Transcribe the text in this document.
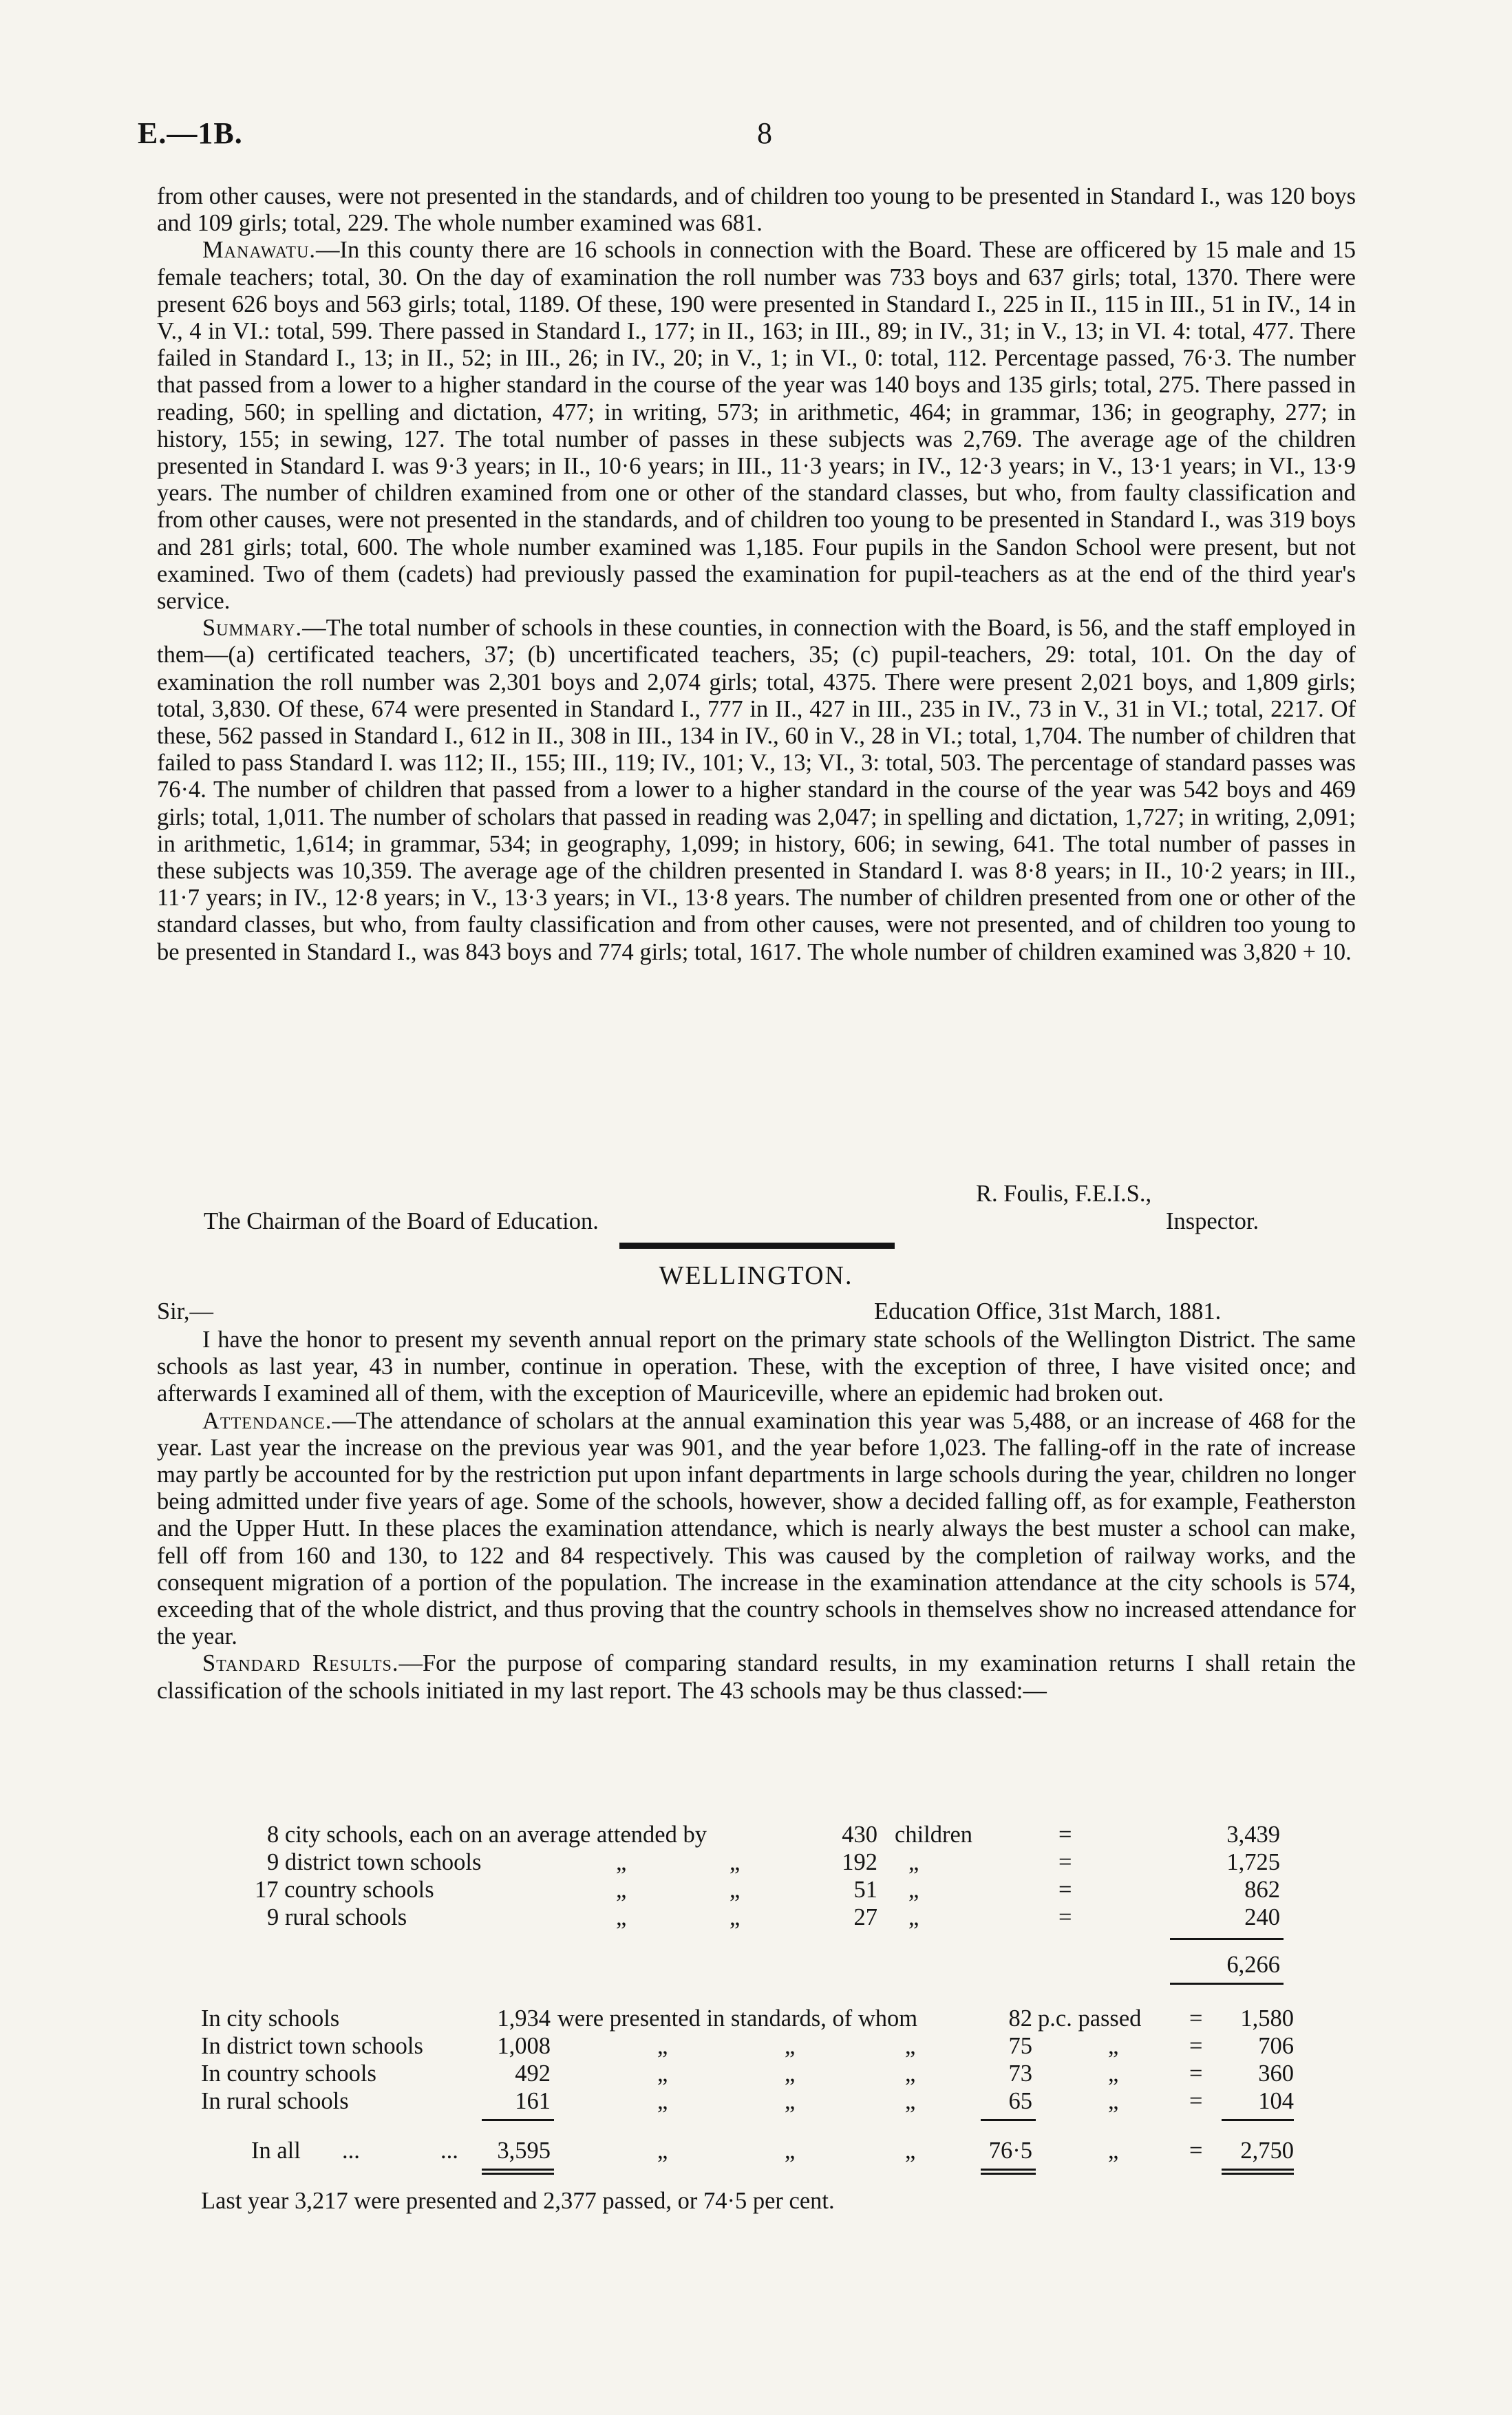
E.—1B.	8

from other causes, were not presented in the standards, and of children too young to be presented in Standard I., was 120 boys and 109 girls; total, 229. The whole number examined was 681.

Manawatu.—In this county there are 16 schools in connection with the Board. These are officered by 15 male and 15 female teachers; total, 30. On the day of examination the roll number was 733 boys and 637 girls; total, 1370. There were present 626 boys and 563 girls; total, 1189. Of these, 190 were presented in Standard I., 225 in II., 115 in III., 51 in IV., 14 in V., 4 in VI.: total, 599. There passed in Standard I., 177; in II., 163; in III., 89; in IV., 31; in V., 13; in VI. 4: total, 477. There failed in Standard I., 13; in II., 52; in III., 26; in IV., 20; in V., 1; in VI., 0: total, 112. Percentage passed, 76·3. The number that passed from a lower to a higher standard in the course of the year was 140 boys and 135 girls; total, 275. There passed in reading, 560; in spelling and dictation, 477; in writing, 573; in arithmetic, 464; in grammar, 136; in geography, 277; in history, 155; in sewing, 127. The total number of passes in these subjects was 2,769. The average age of the children presented in Standard I. was 9·3 years; in II., 10·6 years; in III., 11·3 years; in IV., 12·3 years; in V., 13·1 years; in VI., 13·9 years. The number of children examined from one or other of the standard classes, but who, from faulty classification and from other causes, were not presented in the standards, and of children too young to be presented in Standard I., was 319 boys and 281 girls; total, 600. The whole number examined was 1,185. Four pupils in the Sandon School were present, but not examined. Two of them (cadets) had previously passed the examination for pupil-teachers as at the end of the third year's service.

Summary.—The total number of schools in these counties, in connection with the Board, is 56, and the staff employed in them—(a) certificated teachers, 37; (b) uncertificated teachers, 35; (c) pupil-teachers, 29: total, 101. On the day of examination the roll number was 2,301 boys and 2,074 girls; total, 4375. There were present 2,021 boys, and 1,809 girls; total, 3,830. Of these, 674 were presented in Standard I., 777 in II., 427 in III., 235 in IV., 73 in V., 31 in VI.; total, 2217. Of these, 562 passed in Standard I., 612 in II., 308 in III., 134 in IV., 60 in V., 28 in VI.; total, 1,704. The number of children that failed to pass Standard I. was 112; II., 155; III., 119; IV., 101; V., 13; VI., 3: total, 503. The percentage of standard passes was 76·4. The number of children that passed from a lower to a higher standard in the course of the year was 542 boys and 469 girls; total, 1,011. The number of scholars that passed in reading was 2,047; in spelling and dictation, 1,727; in writing, 2,091; in arithmetic, 1,614; in grammar, 534; in geography, 1,099; in history, 606; in sewing, 641. The total number of passes in these subjects was 10,359. The average age of the children presented in Standard I. was 8·8 years; in II., 10·2 years; in III., 11·7 years; in IV., 12·8 years; in V., 13·3 years; in VI., 13·8 years. The number of children presented from one or other of the standard classes, but who, from faulty classification and from other causes, were not presented, and of children too young to be presented in Standard I., was 843 boys and 774 girls; total, 1617. The whole number of children examined was 3,820 + 10.

R. Foulis, F.E.I.S.,
The Chairman of the Board of Education.	Inspector.
WELLINGTON.
Sir,—	Education Office, 31st March, 1881.

I have the honor to present my seventh annual report on the primary state schools of the Wellington District. The same schools as last year, 43 in number, continue in operation. These, with the exception of three, I have visited once; and afterwards I examined all of them, with the exception of Mauriceville, where an epidemic had broken out.

Attendance.—The attendance of scholars at the annual examination this year was 5,488, or an increase of 468 for the year. Last year the increase on the previous year was 901, and the year before 1,023. The falling-off in the rate of increase may partly be accounted for by the restriction put upon infant departments in large schools during the year, children no longer being admitted under five years of age. Some of the schools, however, show a decided falling off, as for example, Featherston and the Upper Hutt. In these places the examination attendance, which is nearly always the best muster a school can make, fell off from 160 and 130, to 122 and 84 respectively. This was caused by the completion of railway works, and the consequent migration of a portion of the population. The increase in the examination attendance at the city schools is 574, exceeding that of the whole district, and thus proving that the country schools in themselves show no increased attendance for the year.

Standard Results.—For the purpose of comparing standard results, in my examination returns I shall retain the classification of the schools initiated in my last report. The 43 schools may be thus classed:—

8 city schools, each on an average attended by	430 children	=	3,439
9 district town schools	„	„	192 „	=	1,725
17 country schools	„	„	51 „	=	862
9 rural schools	„	„	27 „	=	240
6,266
In city schools	1,934 were presented in standards, of whom	82 p.c. passed =	1,580
In district town schools	1,008	„	„	„	75	„	=	706
In country schools	492	„	„	„	73	„	=	360
In rural schools	161	„	„	„	65	„	=	104
In all ...	...	3,595	„	„	„	76·5	„	=	2,750
Last year 3,217 were presented and 2,377 passed, or 74·5 per cent.
